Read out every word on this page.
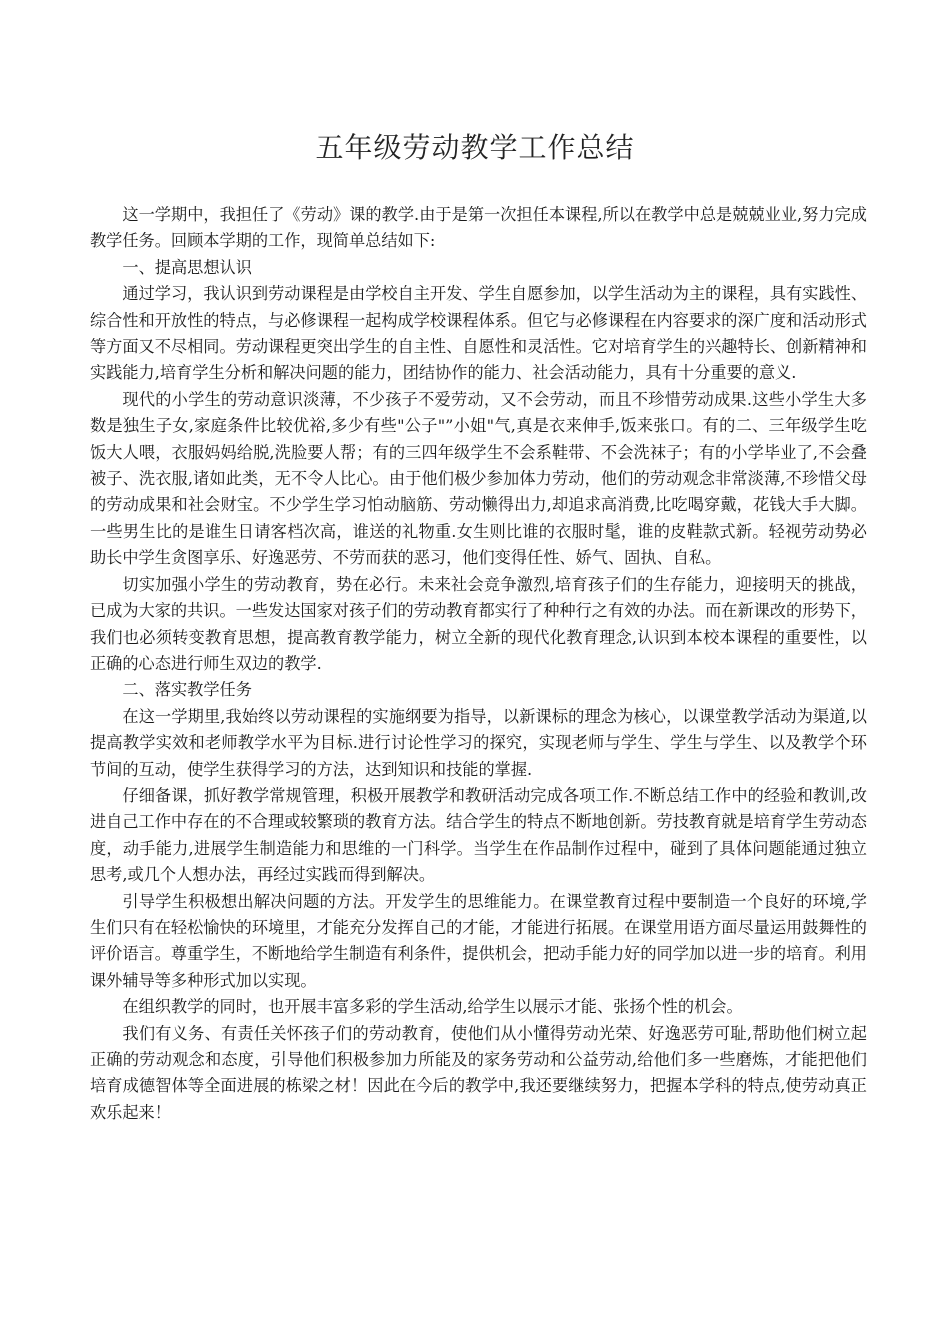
五年级劳动教学工作总结

这一学期中，我担任了《劳动》课的教学.由于是第一次担任本课程,所以在教学中总是兢兢业业,努力完成教学任务。回顾本学期的工作，现简单总结如下:

一、提高思想认识

通过学习，我认识到劳动课程是由学校自主开发、学生自愿参加，以学生活动为主的课程，具有实践性、综合性和开放性的特点，与必修课程一起构成学校课程体系。但它与必修课程在内容要求的深广度和活动形式等方面又不尽相同。劳动课程更突出学生的自主性、自愿性和灵活性。它对培育学生的兴趣特长、创新精神和实践能力,培育学生分析和解决问题的能力，团结协作的能力、社会活动能力，具有十分重要的意义.

现代的小学生的劳动意识淡薄，不少孩子不爱劳动，又不会劳动，而且不珍惜劳动成果.这些小学生大多数是独生子女,家庭条件比较优裕,多少有些"公子"”小姐"气,真是衣来伸手,饭来张口。有的二、三年级学生吃饭大人喂，衣服妈妈给脱,洗脸要人帮；有的三四年级学生不会系鞋带、不会洗袜子；有的小学毕业了,不会叠被子、洗衣服,诸如此类，无不令人比心。由于他们极少参加体力劳动，他们的劳动观念非常淡薄,不珍惜父母的劳动成果和社会财宝。不少学生学习怕动脑筋、劳动懒得出力,却追求高消费,比吃喝穿戴，花钱大手大脚。一些男生比的是谁生日请客档次高，谁送的礼物重.女生则比谁的衣服时髦，谁的皮鞋款式新。轻视劳动势必助长中学生贪图享乐、好逸恶劳、不劳而获的恶习，他们变得任性、娇气、固执、自私。

切实加强小学生的劳动教育，势在必行。未来社会竞争激烈,培育孩子们的生存能力，迎接明天的挑战，已成为大家的共识。一些发达国家对孩子们的劳动教育都实行了种种行之有效的办法。而在新课改的形势下，我们也必须转变教育思想，提高教育教学能力，树立全新的现代化教育理念,认识到本校本课程的重要性，以正确的心态进行师生双边的教学.

二、落实教学任务

在这一学期里,我始终以劳动课程的实施纲要为指导，以新课标的理念为核心，以课堂教学活动为渠道,以提高教学实效和老师教学水平为目标.进行讨论性学习的探究，实现老师与学生、学生与学生、以及教学个环节间的互动，使学生获得学习的方法，达到知识和技能的掌握.

仔细备课，抓好教学常规管理，积极开展教学和教研活动完成各项工作.不断总结工作中的经验和教训,改进自己工作中存在的不合理或较繁琐的教育方法。结合学生的特点不断地创新。劳技教育就是培育学生劳动态度，动手能力,进展学生制造能力和思维的一门科学。当学生在作品制作过程中，碰到了具体问题能通过独立思考,或几个人想办法，再经过实践而得到解决。

引导学生积极想出解决问题的方法。开发学生的思维能力。在课堂教育过程中要制造一个良好的环境,学生们只有在轻松愉快的环境里，才能充分发挥自己的才能，才能进行拓展。在课堂用语方面尽量运用鼓舞性的评价语言。尊重学生，不断地给学生制造有利条件，提供机会，把动手能力好的同学加以进一步的培育。利用课外辅导等多种形式加以实现。

在组织教学的同时，也开展丰富多彩的学生活动,给学生以展示才能、张扬个性的机会。

我们有义务、有责任关怀孩子们的劳动教育，使他们从小懂得劳动光荣、好逸恶劳可耻,帮助他们树立起正确的劳动观念和态度，引导他们积极参加力所能及的家务劳动和公益劳动,给他们多一些磨炼，才能把他们培育成德智体等全面进展的栋梁之材！因此在今后的教学中,我还要继续努力，把握本学科的特点,使劳动真正欢乐起来！
